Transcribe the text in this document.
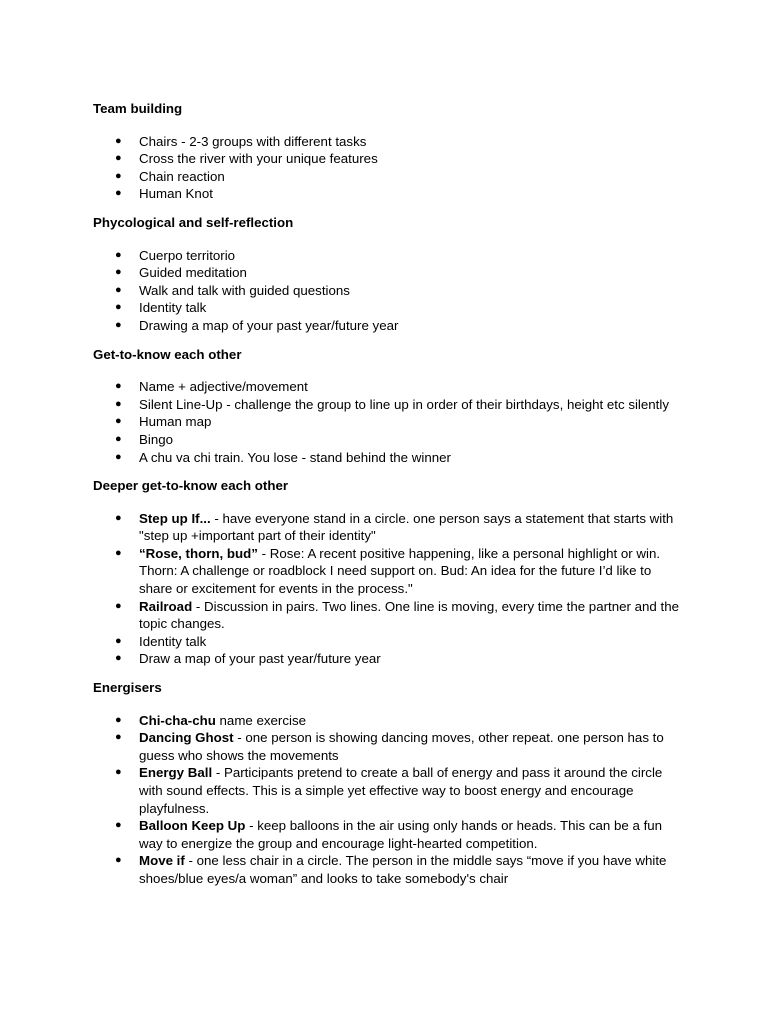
Team building
● Chairs - 2-3 groups with different tasks
● Cross the river with your unique features
● Chain reaction
● Human Knot
Phycological and self-reflection
● Cuerpo territorio
● Guided meditation
● Walk and talk with guided questions
● Identity talk
● Drawing a map of your past year/future year
Get-to-know each other
● Name + adjective/movement
● Silent Line-Up - challenge the group to line up in order of their birthdays, height etc silently
● Human map
● Bingo
● A chu va chi train. You lose - stand behind the winner
Deeper get-to-know each other
● Step up If... - have everyone stand in a circle. one person says a statement that starts with "step up +important part of their identity"
● “Rose, thorn, bud” - Rose: A recent positive happening, like a personal highlight or win. Thorn: A challenge or roadblock I need support on. Bud: An idea for the future I’d like to share or excitement for events in the process."
● Railroad - Discussion in pairs. Two lines. One line is moving, every time the partner and the topic changes.
● Identity talk
● Draw a map of your past year/future year
Energisers
● Chi-cha-chu name exercise
● Dancing Ghost - one person is showing dancing moves, other repeat. one person has to guess who shows the movements
● Energy Ball - Participants pretend to create a ball of energy and pass it around the circle with sound effects. This is a simple yet effective way to boost energy and encourage playfulness.
● Balloon Keep Up - keep balloons in the air using only hands or heads. This can be a fun way to energize the group and encourage light-hearted competition.
● Move if - one less chair in a circle. The person in the middle says “move if you have white shoes/blue eyes/a woman” and looks to take somebody's chair
